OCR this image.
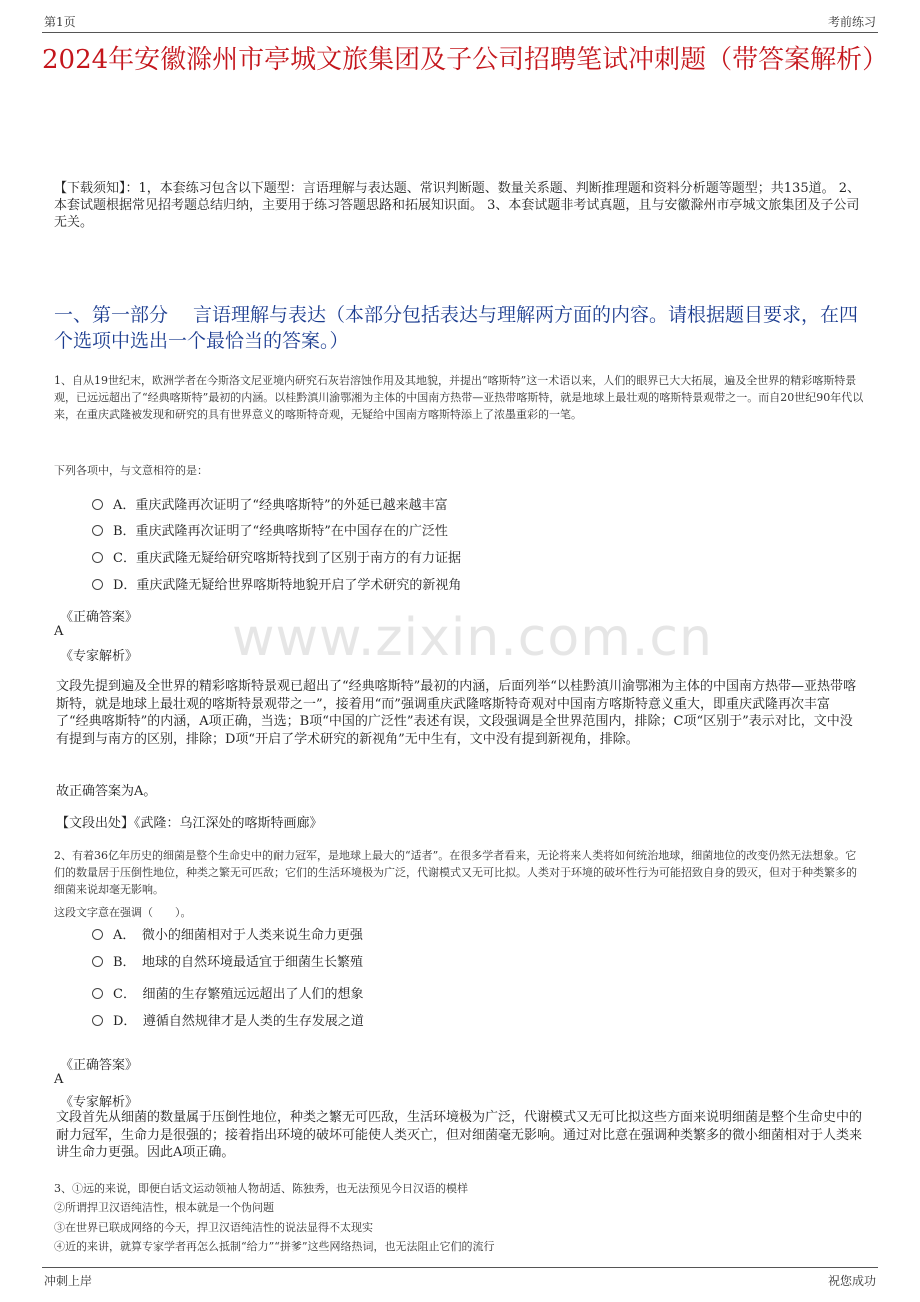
第1页	考前练习
2024年安徽滁州市亭城文旅集团及子公司招聘笔试冲刺题（带答案解析）
【下载须知】：1，本套练习包含以下题型：言语理解与表达题、常识判断题、数量关系题、判断推理题和资料分析题等题型；共135道。 2、本套试题根据常见招考题总结归纳，主要用于练习答题思路和拓展知识面。 3、本套试题非考试真题，且与安徽滁州市亭城文旅集团及子公司无关。
一、第一部分　 言语理解与表达（本部分包括表达与理解两方面的内容。请根据题目要求，在四个选项中选出一个最恰当的答案。）
www.zixin.com.cn
1、自从19世纪末，欧洲学者在今斯洛文尼亚境内研究石灰岩溶蚀作用及其地貌，并提出“喀斯特”这一术语以来，人们的眼界已大大拓展，遍及全世界的精彩喀斯特景观，已远远超出了“经典喀斯特”最初的内涵。以桂黔滇川渝鄂湘为主体的中国南方热带—亚热带喀斯特，就是地球上最壮观的喀斯特景观带之一。而自20世纪90年代以来，在重庆武隆被发现和研究的具有世界意义的喀斯特奇观，无疑给中国南方喀斯特添上了浓墨重彩的一笔。
下列各项中，与文意相符的是：
A．重庆武隆再次证明了“经典喀斯特”的外延已越来越丰富
B．重庆武隆再次证明了“经典喀斯特”在中国存在的广泛性
C．重庆武隆无疑给研究喀斯特找到了区别于南方的有力证据
D．重庆武隆无疑给世界喀斯特地貌开启了学术研究的新视角
《正确答案》
A
《专家解析》
文段先提到遍及全世界的精彩喀斯特景观已超出了“经典喀斯特”最初的内涵，后面列举“以桂黔滇川渝鄂湘为主体的中国南方热带—亚热带喀斯特，就是地球上最壮观的喀斯特景观带之一”，接着用“而”强调重庆武隆喀斯特奇观对中国南方喀斯特意义重大，即重庆武隆再次丰富了“经典喀斯特”的内涵，A项正确，当选；B项“中国的广泛性”表述有误，文段强调是全世界范围内，排除；C项“区别于”表示对比，文中没有提到与南方的区别，排除；D项“开启了学术研究的新视角”无中生有，文中没有提到新视角，排除。
故正确答案为A。
【文段出处】《武隆：乌江深处的喀斯特画廊》
2、有着36亿年历史的细菌是整个生命史中的耐力冠军，是地球上最大的“适者”。在很多学者看来，无论将来人类将如何统治地球，细菌地位的改变仍然无法想象。它们的数量居于压倒性地位，种类之繁无可匹敌；它们的生活环境极为广泛，代谢模式又无可比拟。人类对于环境的破坏性行为可能招致自身的毁灭，但对于种类繁多的细菌来说却毫无影响。
这段文字意在强调（　　）。
A．　微小的细菌相对于人类来说生命力更强
B．　地球的自然环境最适宜于细菌生长繁殖
C．　细菌的生存繁殖远远超出了人们的想象
D．　遵循自然规律才是人类的生存发展之道
《正确答案》
A
《专家解析》
文段首先从细菌的数量属于压倒性地位，种类之繁无可匹敌，生活环境极为广泛，代谢模式又无可比拟这些方面来说明细菌是整个生命史中的耐力冠军，生命力是很强的；接着指出环境的破坏可能使人类灭亡，但对细菌毫无影响。通过对比意在强调种类繁多的微小细菌相对于人类来讲生命力更强。因此A项正确。
3、①远的来说，即便白话文运动领袖人物胡适、陈独秀，也无法预见今日汉语的模样
②所谓捍卫汉语纯洁性，根本就是一个伪问题
③在世界已联成网络的今天，捍卫汉语纯洁性的说法显得不太现实
④近的来讲，就算专家学者再怎么抵制“给力”“拼爹”这些网络热词，也无法阻止它们的流行
冲刺上岸	祝您成功
